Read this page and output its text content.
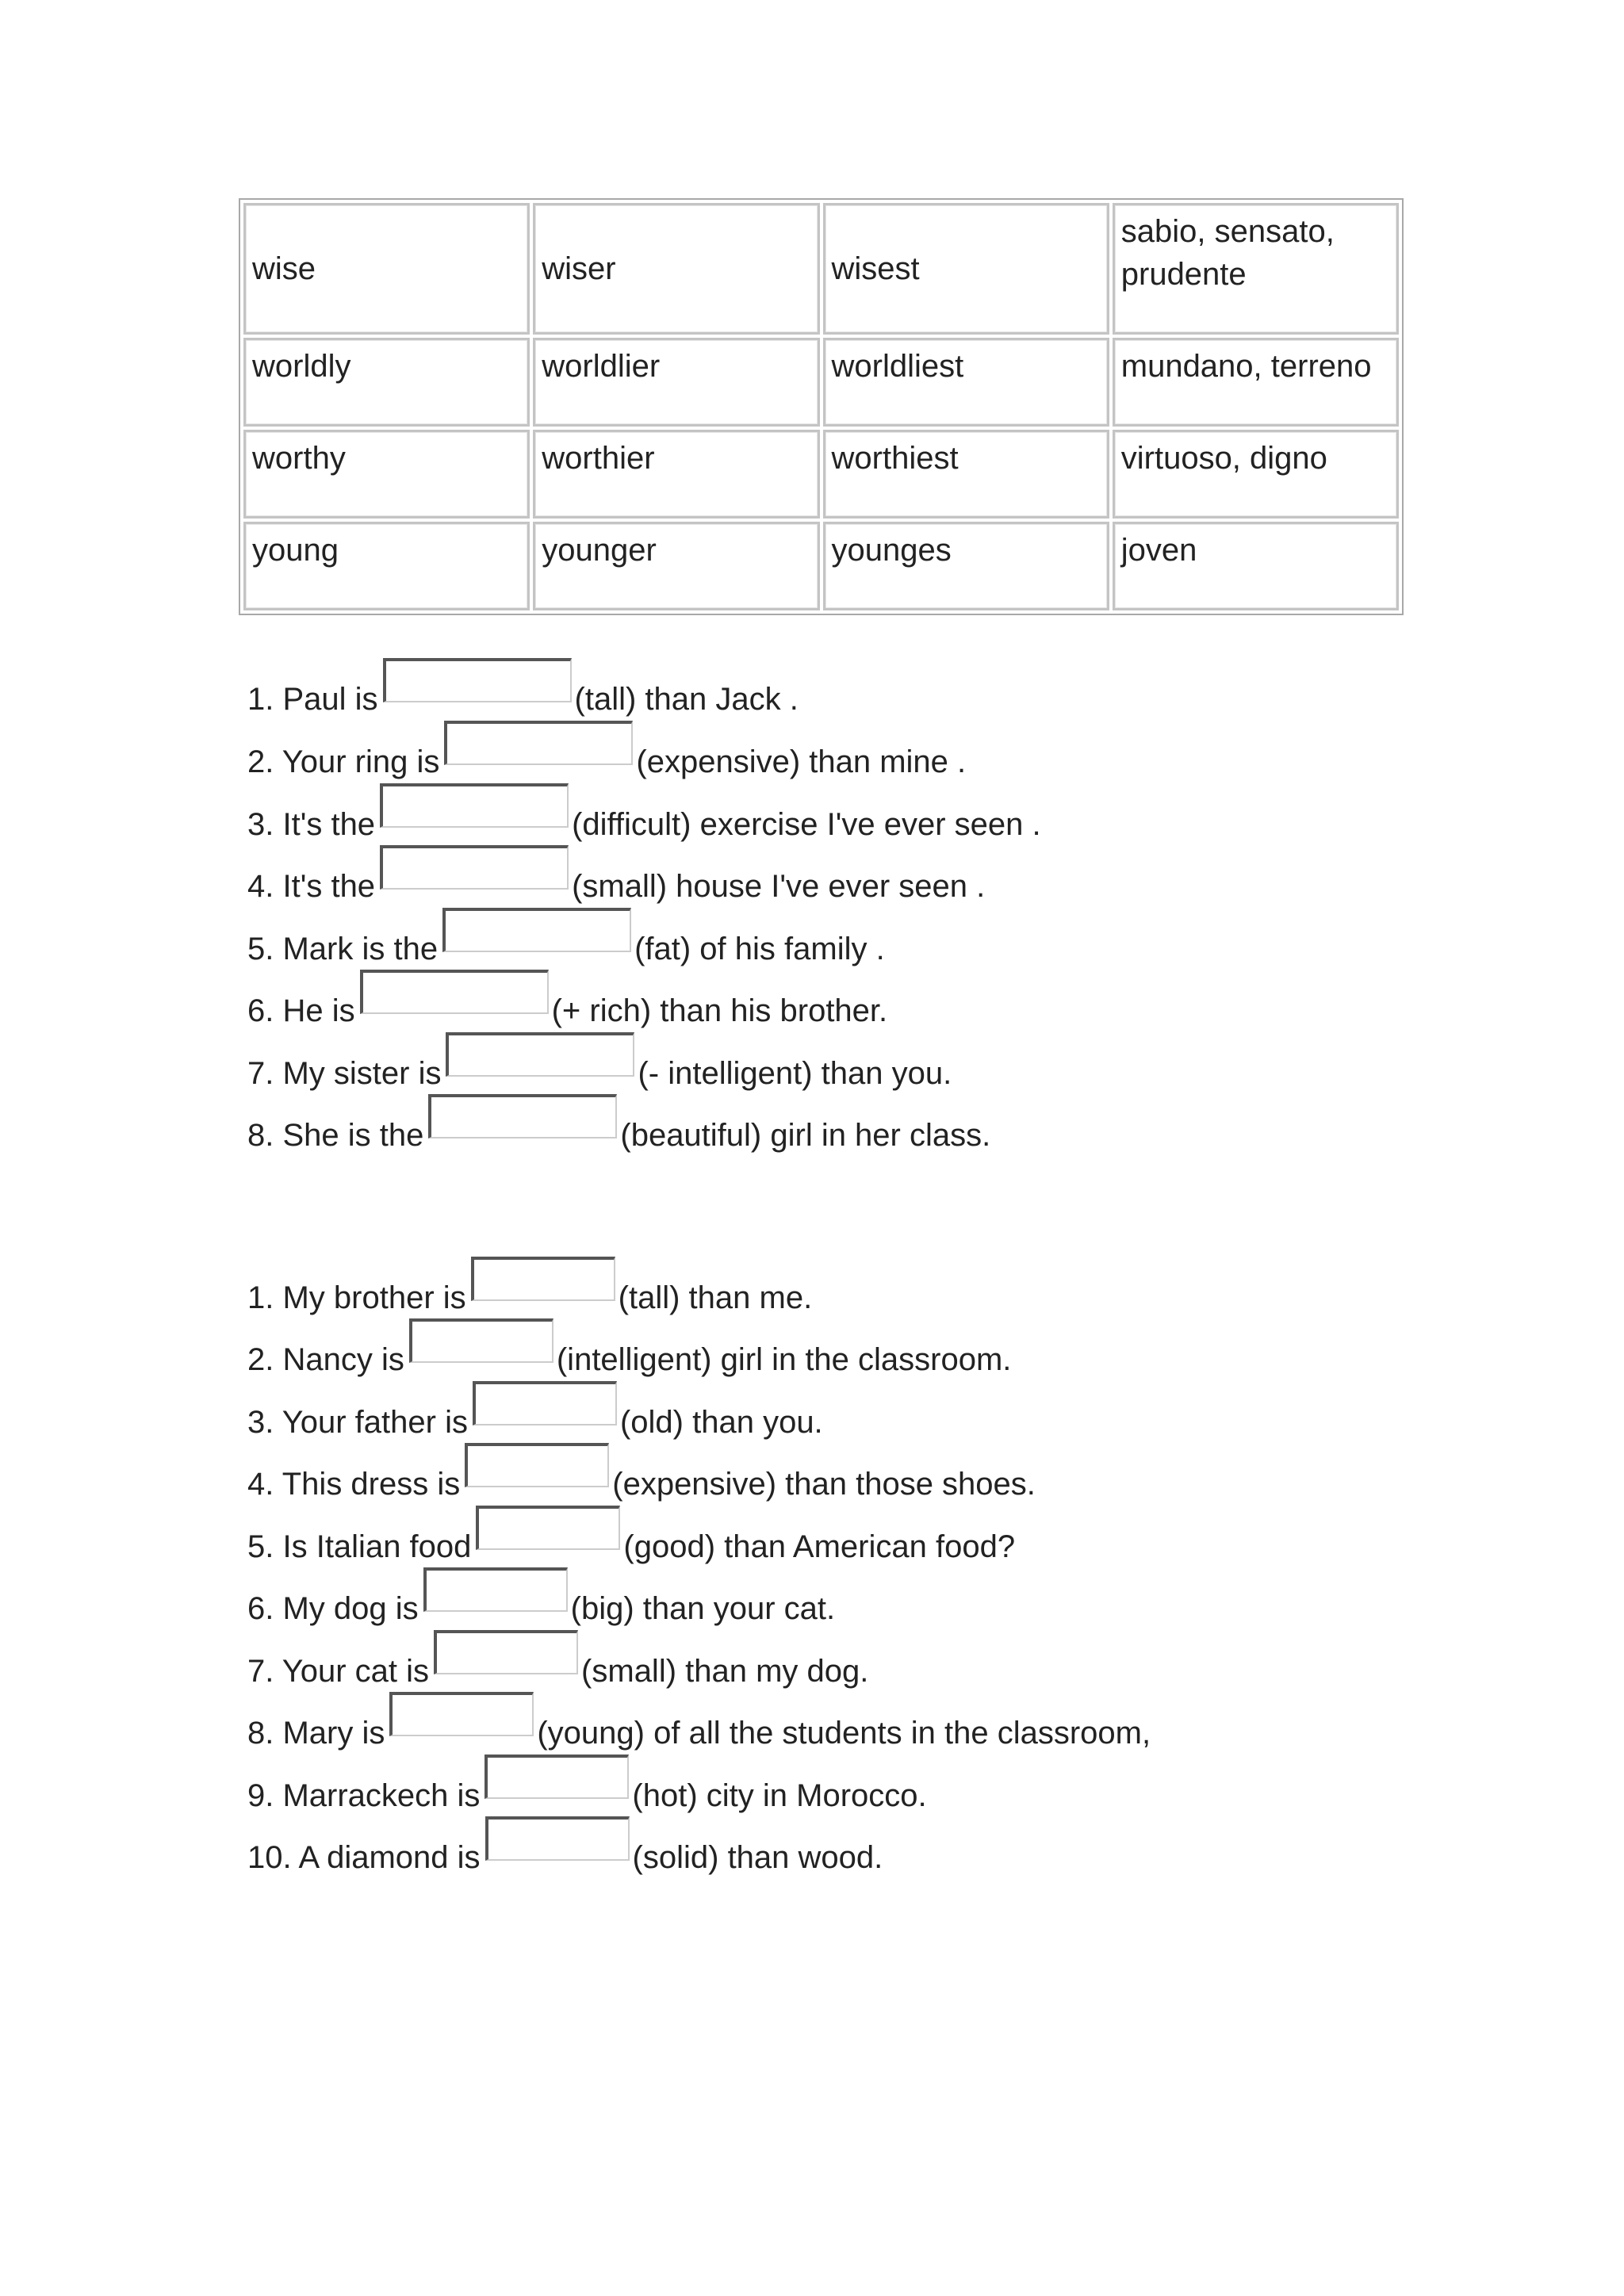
wise	wiser	wisest	sabio, sensato, prudente
worldly	worldlier	worldliest	mundano, terreno
worthy	worthier	worthiest	virtuoso, digno
young	younger	younges	joven
1. Paul is	(tall) than Jack .
2. Your ring is	(expensive) than mine .
3. It's the	(difficult) exercise I've ever seen .
4. It's the	(small) house I've ever seen .
5. Mark is the	(fat) of his family .
6. He is	(+ rich) than his brother.
7. My sister is	(- intelligent) than you.
8. She is the	(beautiful) girl in her class.
1. My brother is	(tall) than me.
2. Nancy is	(intelligent) girl in the classroom.
3. Your father is	(old) than you.
4. This dress is	(expensive) than those shoes.
5. Is Italian food	(good) than American food?
6. My dog is	(big) than your cat.
7. Your cat is	(small) than my dog.
8. Mary is	(young) of all the students in the classroom,
9. Marrackech is	(hot) city in Morocco.
10. A diamond is	(solid) than wood.
